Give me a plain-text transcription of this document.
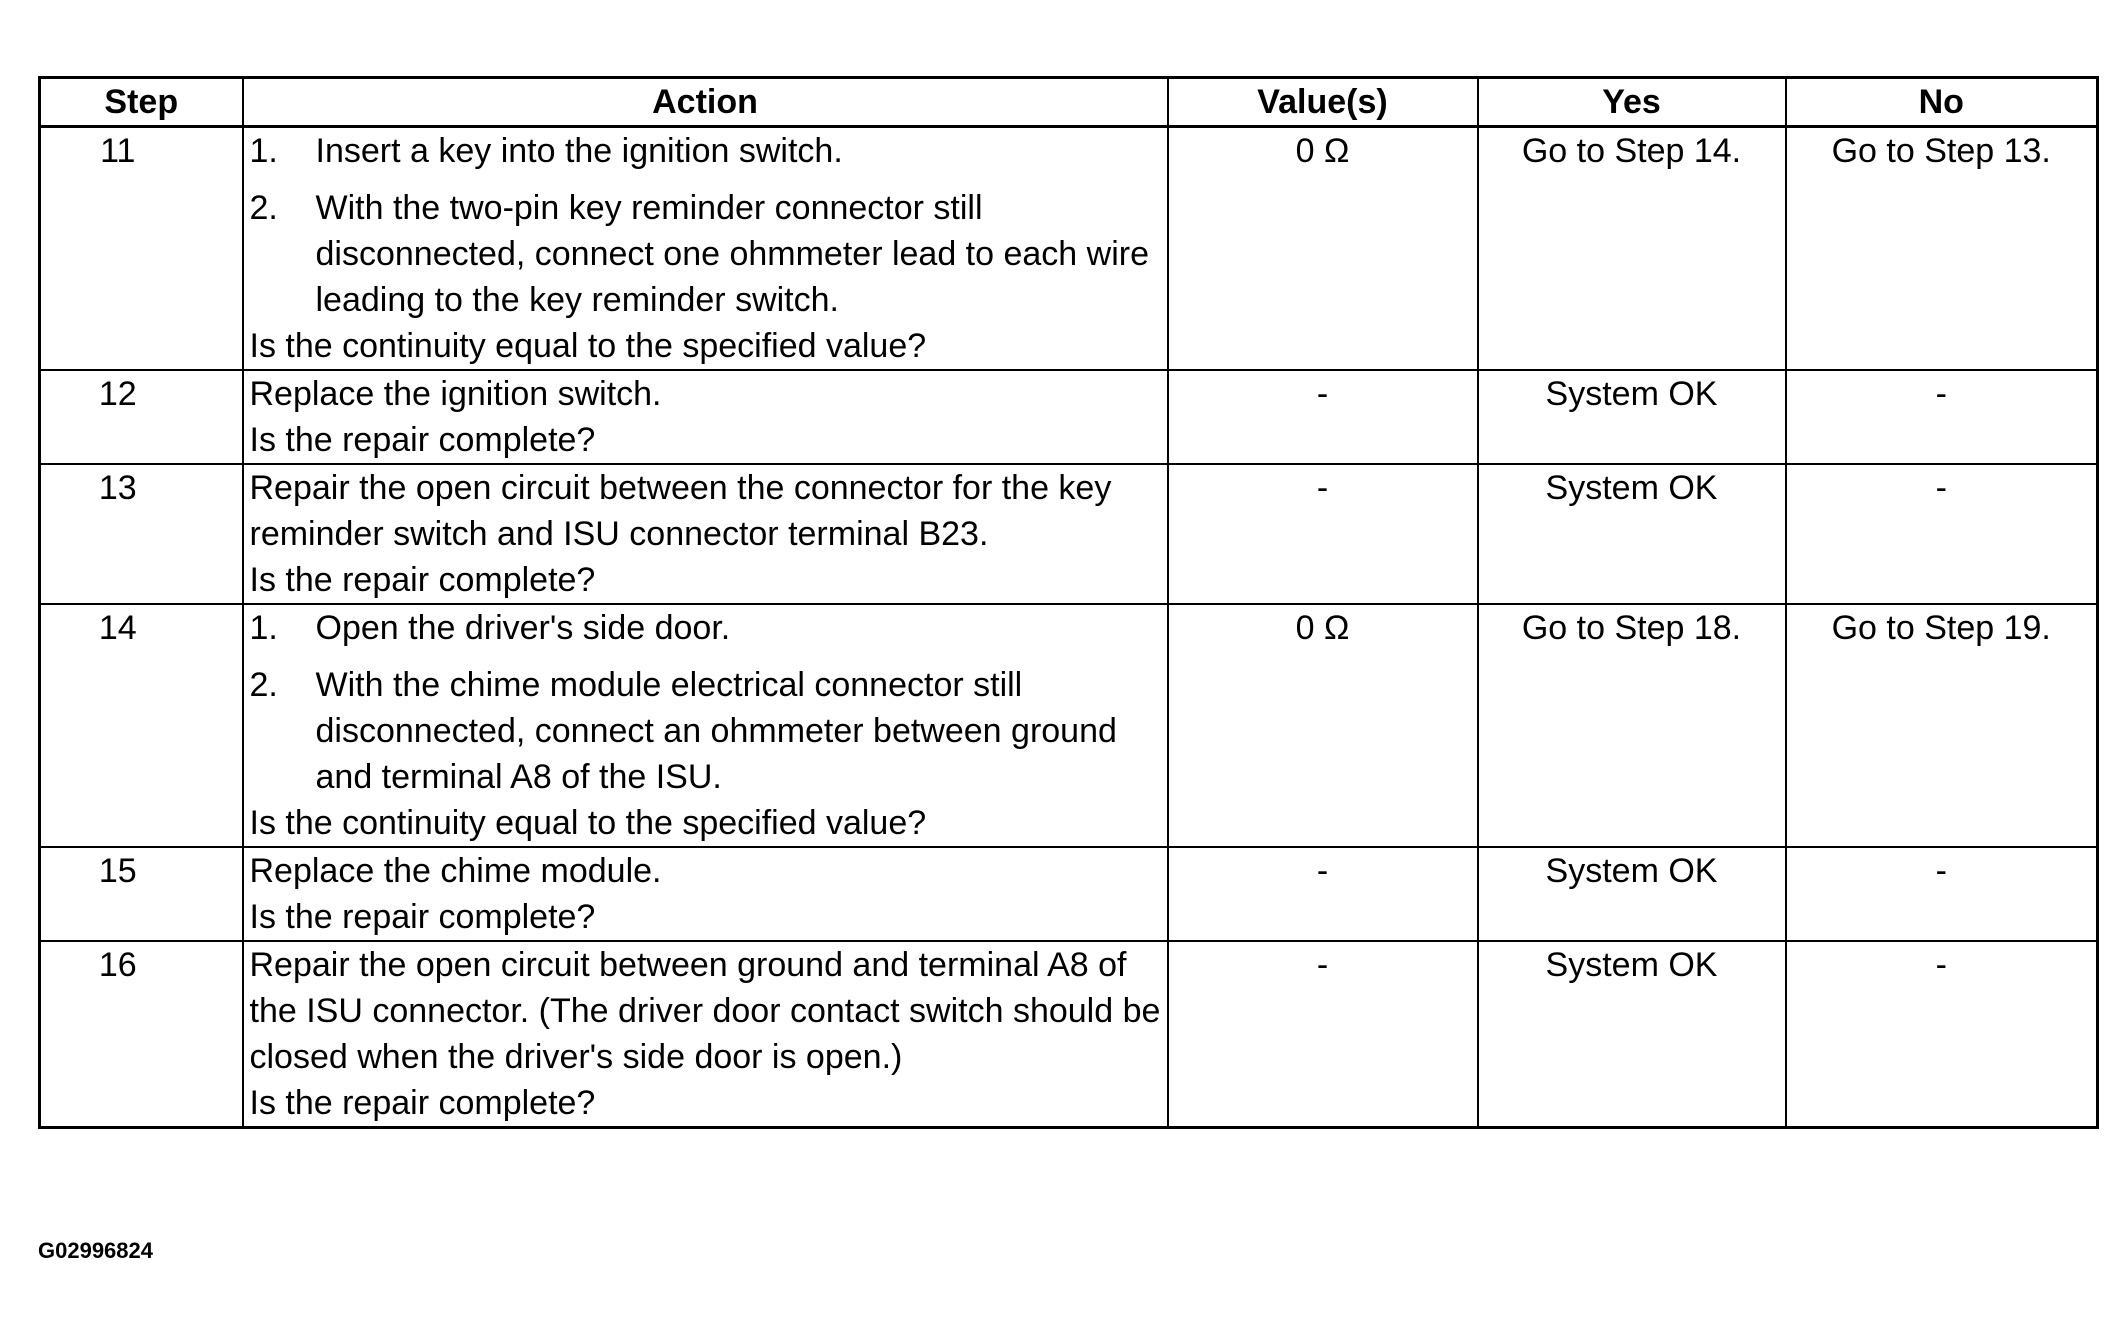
Step	Action	Value(s)	Yes	No
11	1. Insert a key into the ignition switch.
2. With the two-pin key reminder connector still disconnected, connect one ohmmeter lead to each wire leading to the key reminder switch.
Is the continuity equal to the specified value?	0 Ω	Go to Step 14.	Go to Step 13.
12	Replace the ignition switch.
Is the repair complete?	-	System OK	-
13	Repair the open circuit between the connector for the key reminder switch and ISU connector terminal B23.
Is the repair complete?	-	System OK	-
14	1. Open the driver's side door.
2. With the chime module electrical connector still disconnected, connect an ohmmeter between ground and terminal A8 of the ISU.
Is the continuity equal to the specified value?	0 Ω	Go to Step 18.	Go to Step 19.
15	Replace the chime module.
Is the repair complete?	-	System OK	-
16	Repair the open circuit between ground and terminal A8 of the ISU connector. (The driver door contact switch should be closed when the driver's side door is open.)
Is the repair complete?	-	System OK	-
G02996824
